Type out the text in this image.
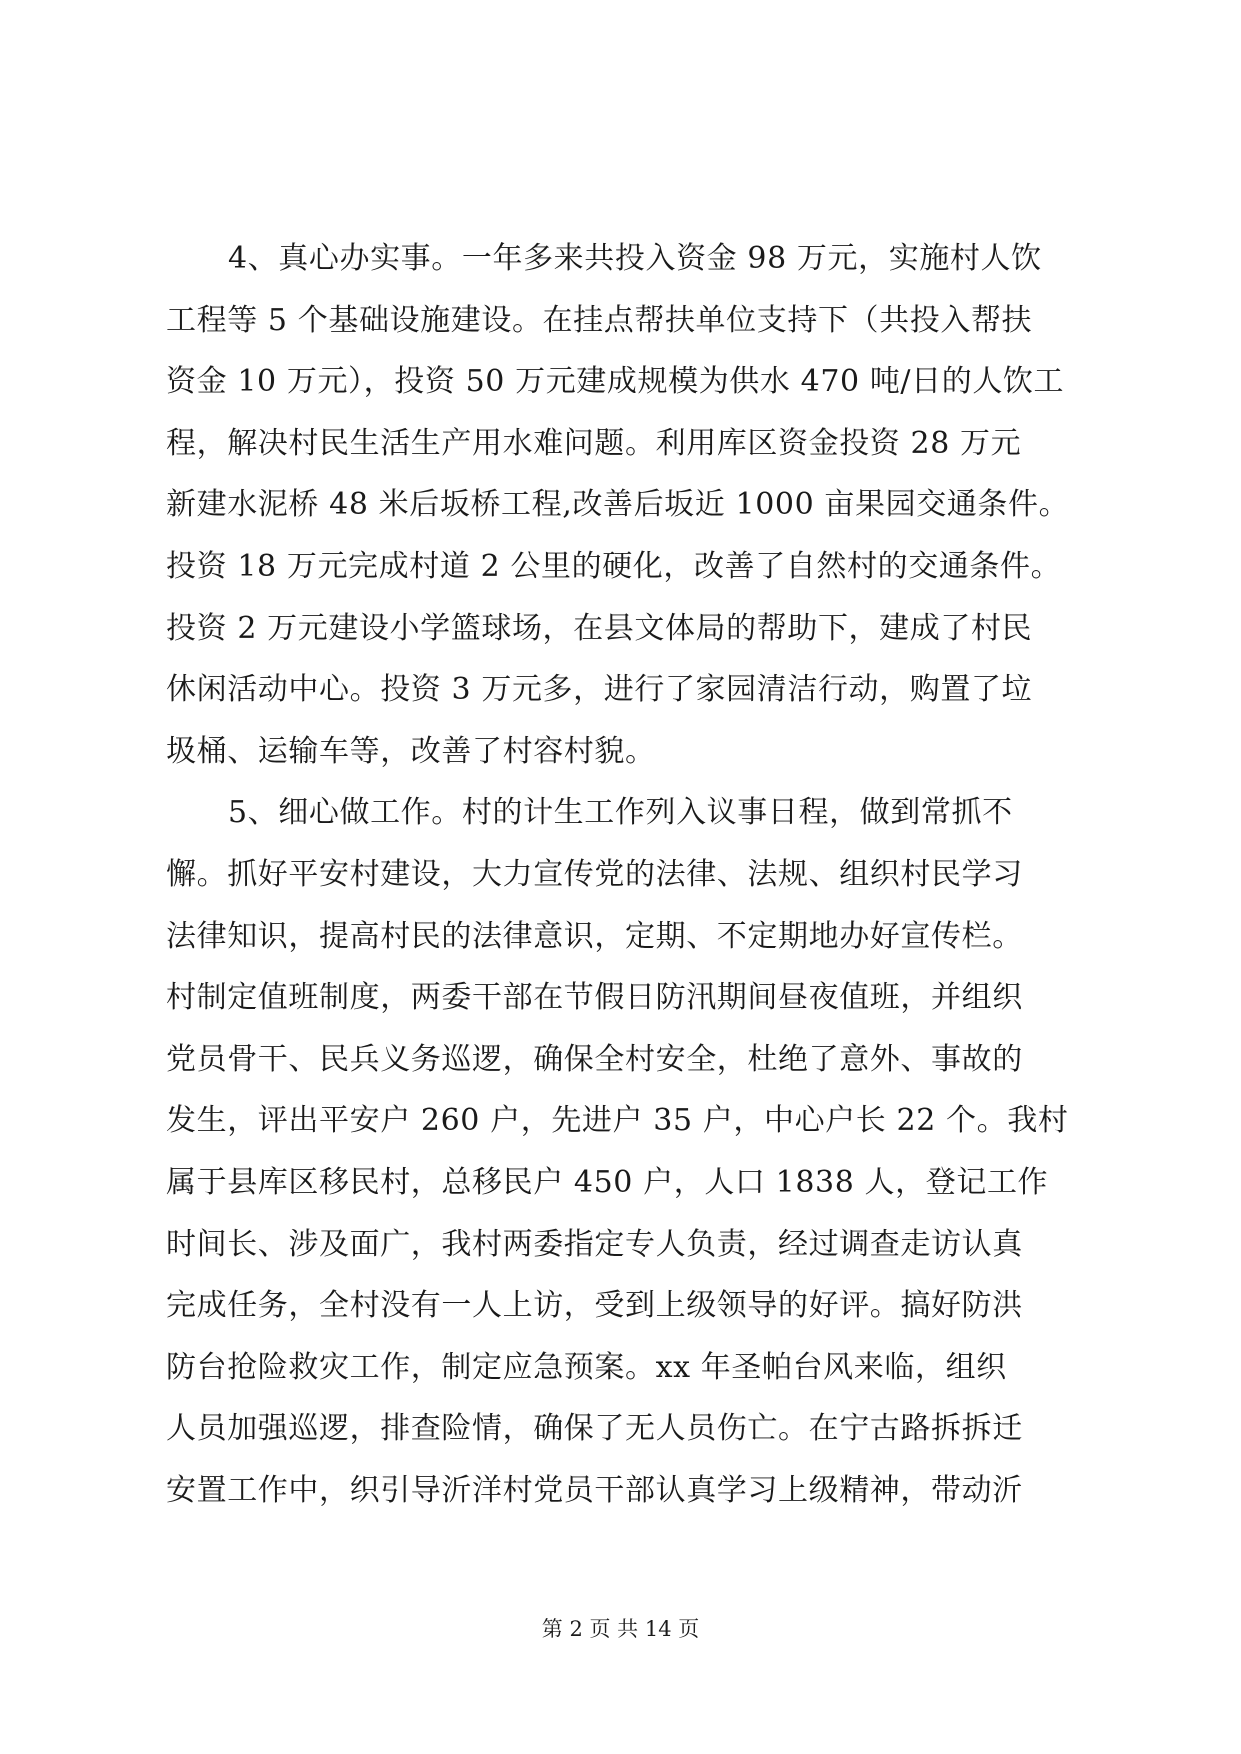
4、真心办实事。一年多来共投入资金 98 万元，实施村人饮
工程等 5 个基础设施建设。在挂点帮扶单位支持下（共投入帮扶
资金 10 万元），投资 50 万元建成规模为供水 470 吨/日的人饮工
程，解决村民生活生产用水难问题。利用库区资金投资 28 万元
新建水泥桥 48 米后坂桥工程,改善后坂近 1000 亩果园交通条件。
投资 18 万元完成村道 2 公里的硬化，改善了自然村的交通条件。
投资 2 万元建设小学篮球场，在县文体局的帮助下，建成了村民
休闲活动中心。投资 3 万元多，进行了家园清洁行动，购置了垃
圾桶、运输车等，改善了村容村貌。
5、细心做工作。村的计生工作列入议事日程，做到常抓不
懈。抓好平安村建设，大力宣传党的法律、法规、组织村民学习
法律知识，提高村民的法律意识，定期、不定期地办好宣传栏。
村制定值班制度，两委干部在节假日防汛期间昼夜值班，并组织
党员骨干、民兵义务巡逻，确保全村安全，杜绝了意外、事故的
发生，评出平安户 260 户，先进户 35 户，中心户长 22 个。我村
属于县库区移民村，总移民户 450 户，人口 1838 人，登记工作
时间长、涉及面广，我村两委指定专人负责，经过调查走访认真
完成任务，全村没有一人上访，受到上级领导的好评。搞好防洪
防台抢险救灾工作，制定应急预案。xx 年圣帕台风来临，组织
人员加强巡逻，排查险情，确保了无人员伤亡。在宁古路拆拆迁
安置工作中，织引导沂洋村党员干部认真学习上级精神，带动沂
第 2 页 共 14 页
